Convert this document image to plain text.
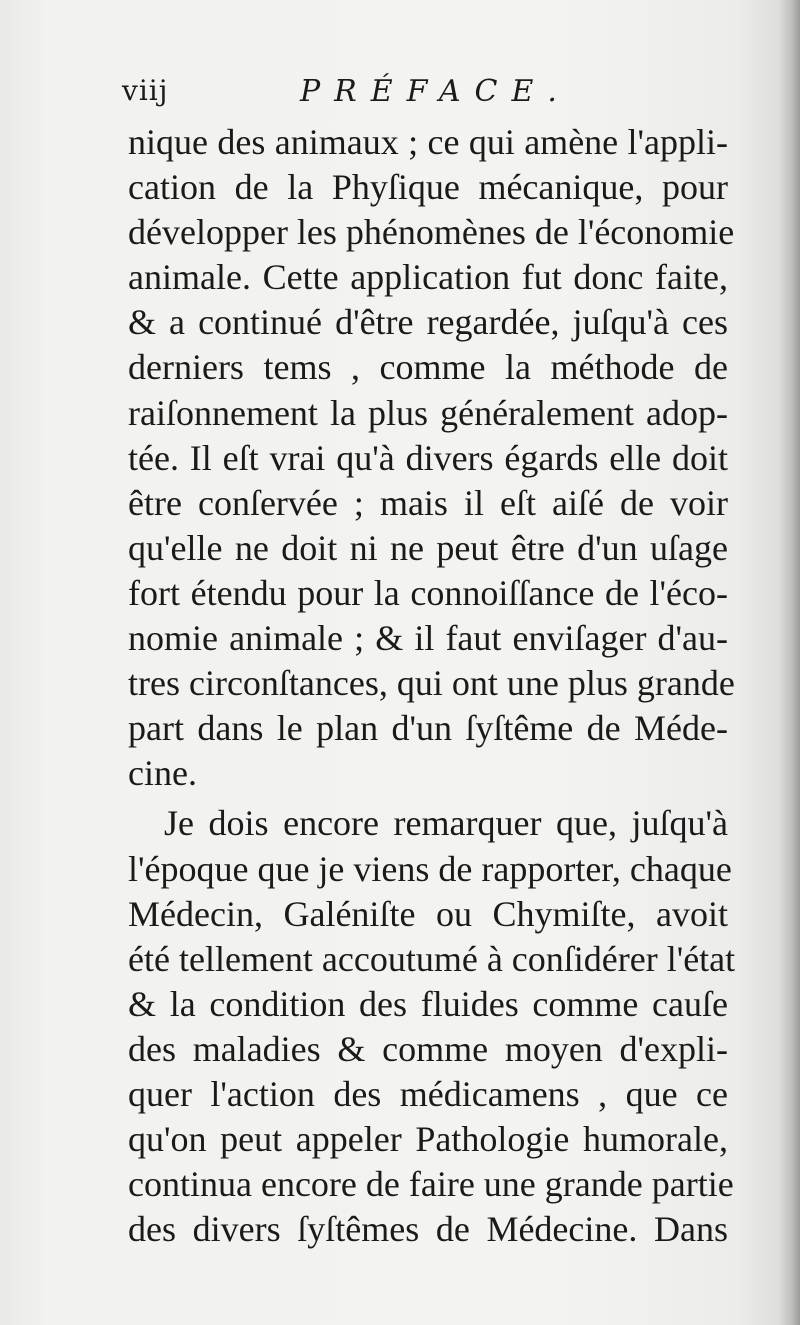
viij	PRÉFACE.
nique des animaux ; ce qui amène l'appli-
cation de la Phyſique mécanique, pour
développer les phénomènes de l'économie
animale. Cette application fut donc faite,
& a continué d'être regardée, juſqu'à ces
derniers tems , comme la méthode de
raiſonnement la plus généralement adop-
tée. Il eſt vrai qu'à divers égards elle doit
être conſervée ; mais il eſt aiſé de voir
qu'elle ne doit ni ne peut être d'un uſage
fort étendu pour la connoiſſance de l'éco-
nomie animale ; & il faut enviſager d'au-
tres circonſtances, qui ont une plus grande
part dans le plan d'un ſyſtême de Méde-
cine.
Je dois encore remarquer que, juſqu'à
l'époque que je viens de rapporter, chaque
Médecin, Galéniſte ou Chymiſte, avoit
été tellement accoutumé à conſidérer l'état
& la condition des fluides comme cauſe
des maladies & comme moyen d'expli-
quer l'action des médicamens , que ce
qu'on peut appeler Pathologie humorale,
continua encore de faire une grande partie
des divers ſyſtêmes de Médecine. Dans
